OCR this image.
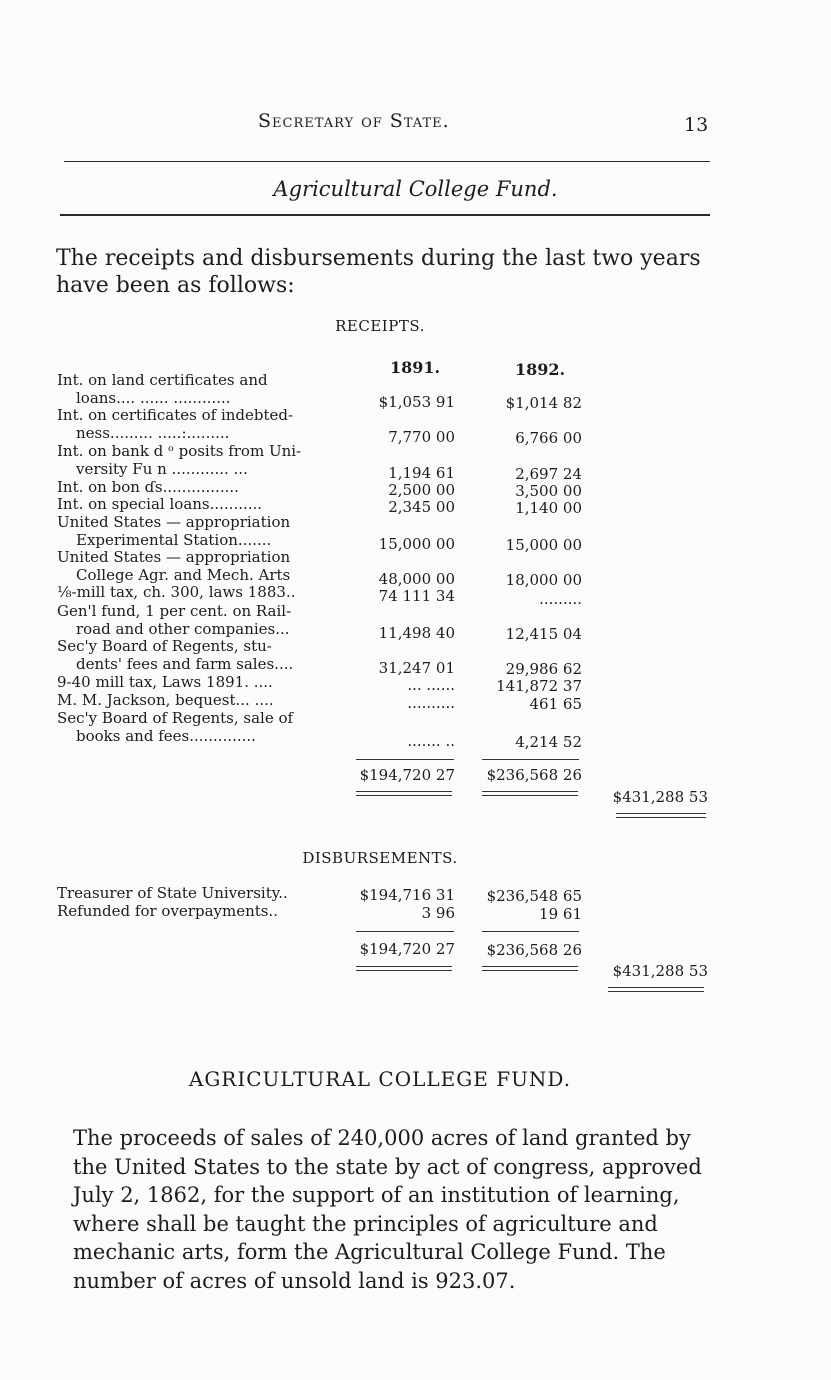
Secretary of State.	13
Agricultural College Fund.
The receipts and disbursements during the last two years have been as follows:
RECEIPTS.
1891.	1892.
Int. on land certificates and
loans.... ...... ............	$1,053 91	$1,014 82
Int. on certificates of indebted-
ness......... .....:.........	7,770 00	6,766 00
Int. on bank d ᵒ posits from Uni-
versity Fu n ............ ...	1,194 61	2,697 24
Int. on bon ɗs................	2,500 00	3,500 00
Int. on special loans...........	2,345 00	1,140 00
United States — appropriation
Experimental Station.......	15,000 00	15,000 00
United States — appropriation
College Agr. and Mech. Arts	48,000 00	18,000 00
⅛-mill tax, ch. 300, laws 1883..	74 111 34	.........
Gen'l fund, 1 per cent. on Rail-
road and other companies...	11,498 40	12,415 04
Sec'y Board of Regents, stu-
dents' fees and farm sales....	31,247 01	29,986 62
9-40 mill tax, Laws 1891. ....	... ......	141,872 37
M. M. Jackson, bequest... ....	..........	461 65
Sec'y Board of Regents, sale of
books and fees..............	....... ..	4,214 52
$194,720 27	$236,568 26
$431,288 53
DISBURSEMENTS.
Treasurer of State University..	$194,716 31	$236,548 65
Refunded for overpayments..	3 96	19 61
$194,720 27	$236,568 26
$431,288 53
AGRICULTURAL COLLEGE FUND.
The proceeds of sales of 240,000 acres of land granted by the United States to the state by act of congress, approved July 2, 1862, for the support of an institution of learning, where shall be taught the principles of agriculture and mechanic arts, form the Agricultural College Fund. The number of acres of unsold land is 923.07.
